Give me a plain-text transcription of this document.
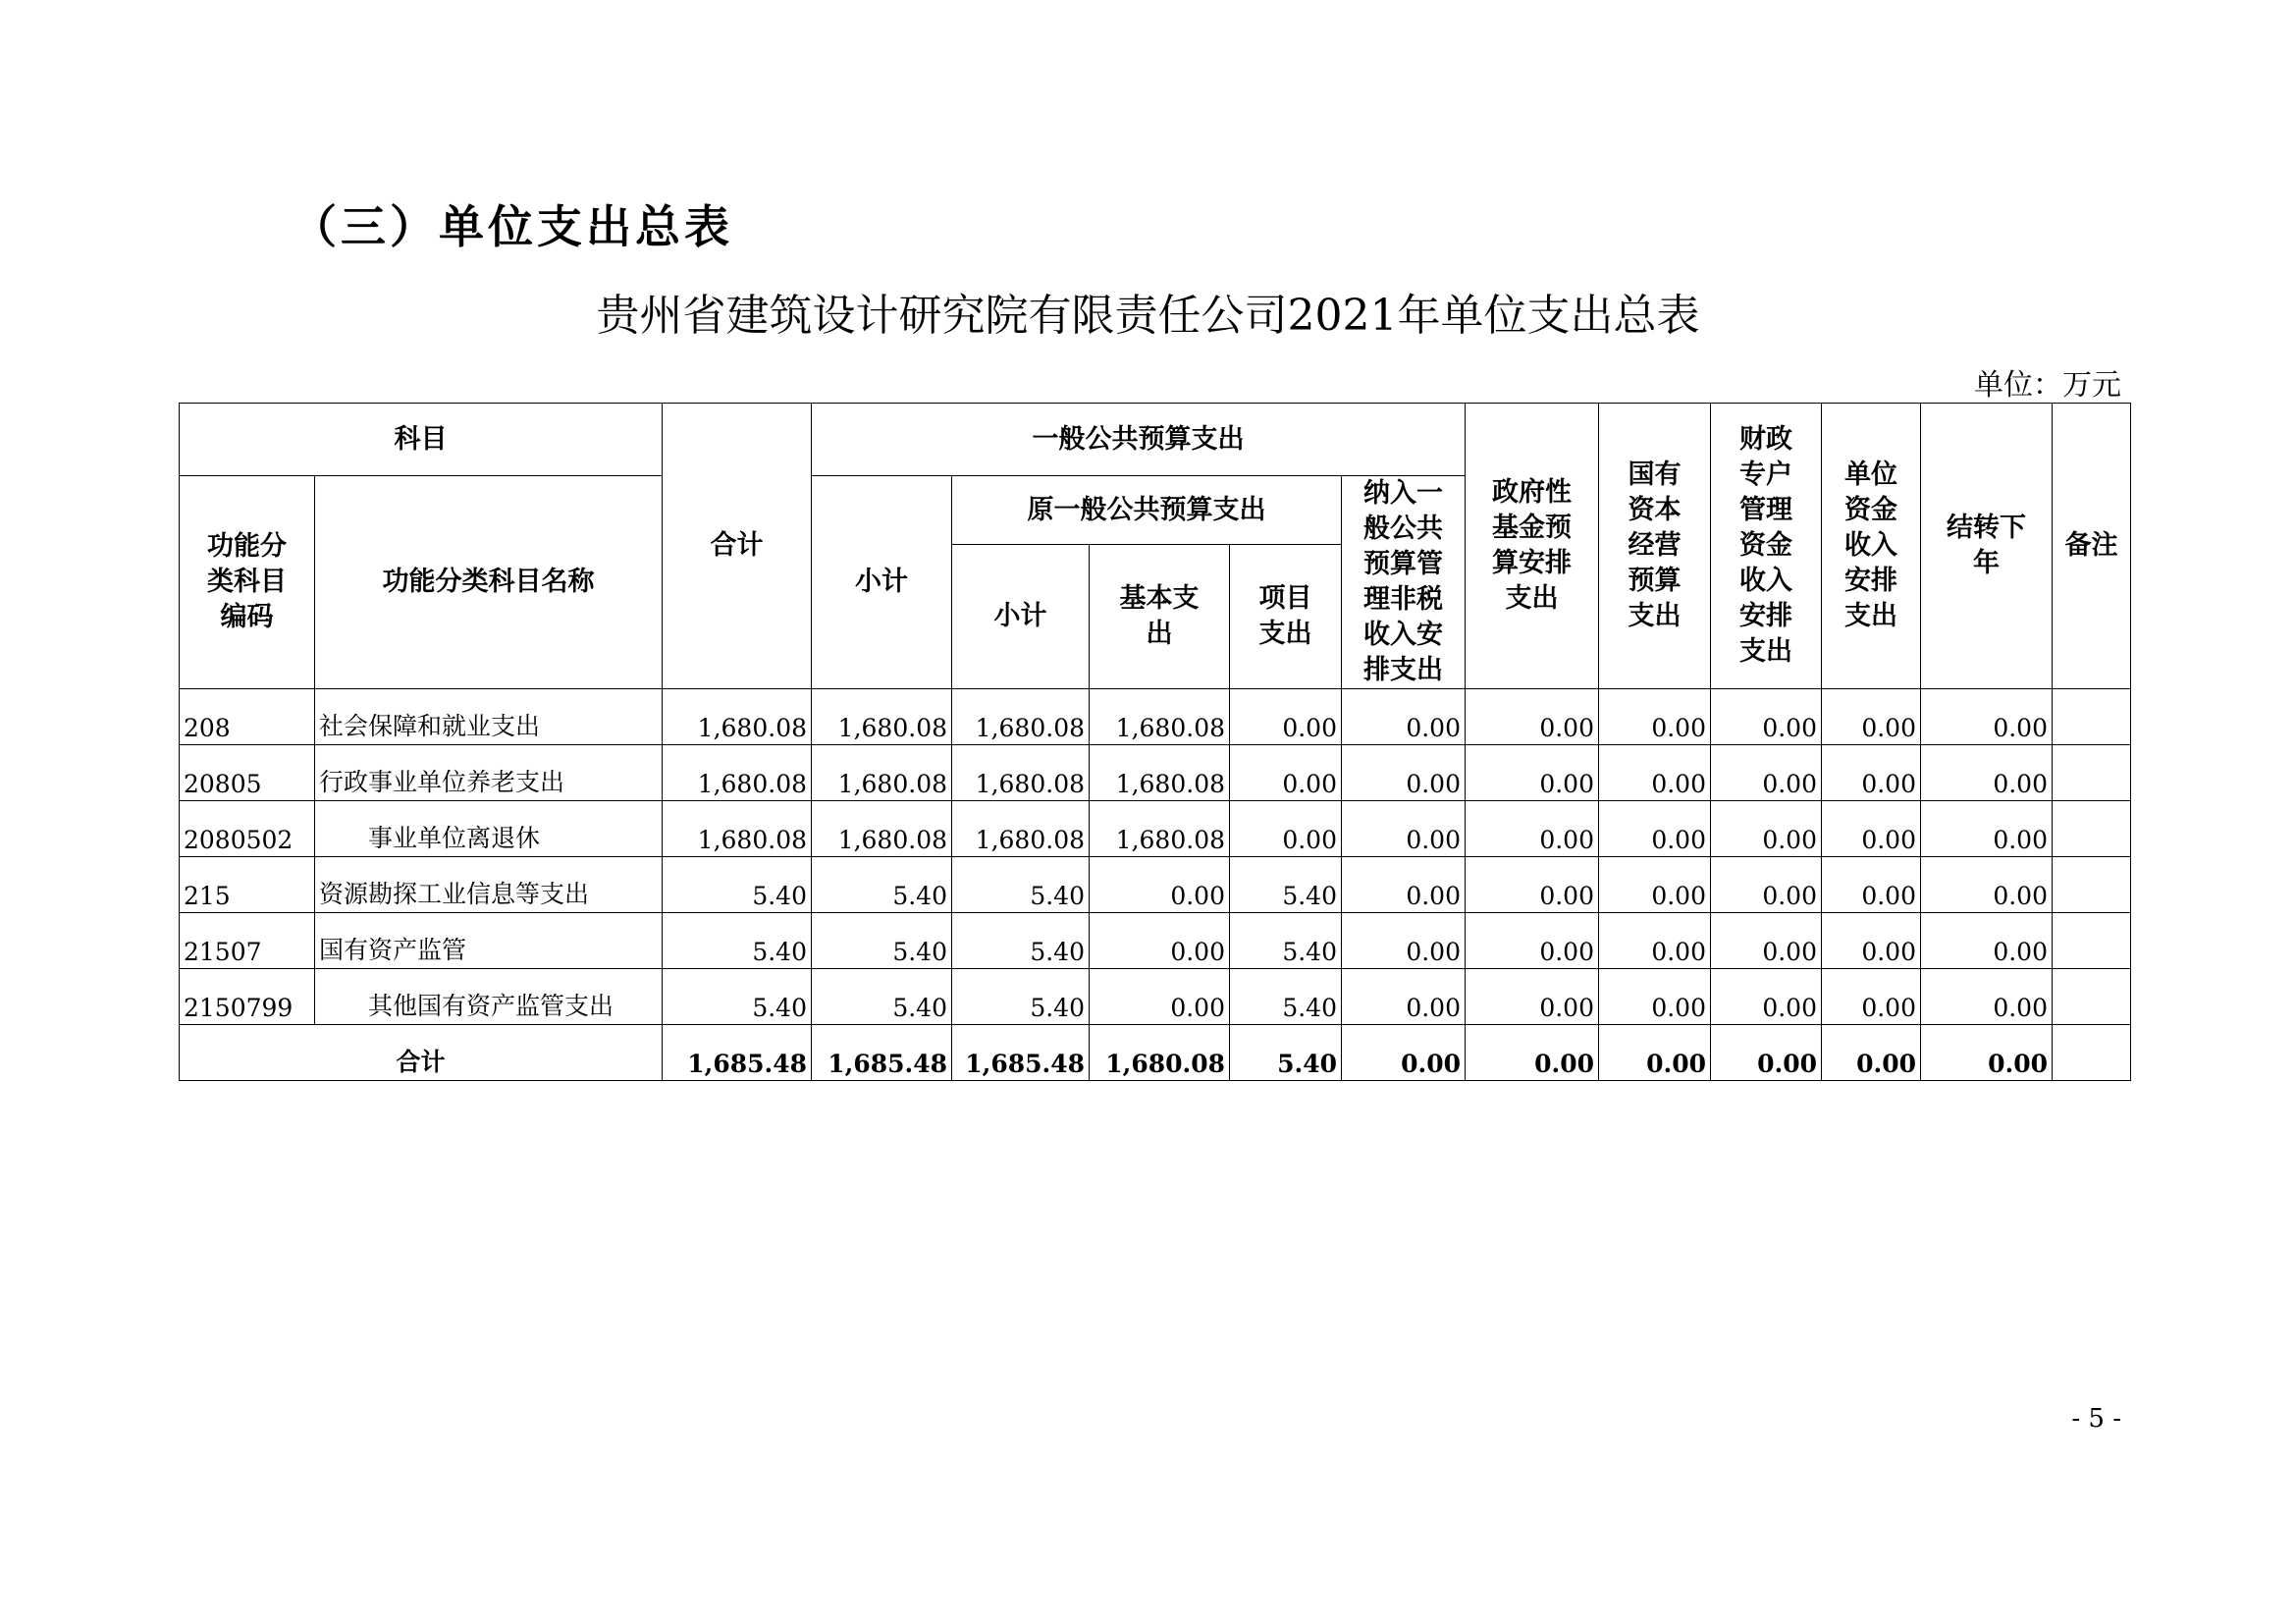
（三）单位支出总表
贵州省建筑设计研究院有限责任公司2021年单位支出总表
单位：万元
科目		合计	一般公共预算支出					政府性基金预算安排支出	国有资本经营预算支出	财政专户管理资金收入安排支出	单位资金收入安排支出	结转下年	备注
功能分类科目编码	功能分类科目名称		小计	原一般公共预算支出			纳入一般公共预算管理非税收入安排支出						
				小计	基本支出	项目支出							
208	社会保障和就业支出	1,680.08	1,680.08	1,680.08	1,680.08	0.00	0.00	0.00	0.00	0.00	0.00	0.00	
20805	行政事业单位养老支出	1,680.08	1,680.08	1,680.08	1,680.08	0.00	0.00	0.00	0.00	0.00	0.00	0.00	
2080502	事业单位离退休	1,680.08	1,680.08	1,680.08	1,680.08	0.00	0.00	0.00	0.00	0.00	0.00	0.00	
215	资源勘探工业信息等支出	5.40	5.40	5.40	0.00	5.40	0.00	0.00	0.00	0.00	0.00	0.00	
21507	国有资产监管	5.40	5.40	5.40	0.00	5.40	0.00	0.00	0.00	0.00	0.00	0.00	
2150799	其他国有资产监管支出	5.40	5.40	5.40	0.00	5.40	0.00	0.00	0.00	0.00	0.00	0.00	
合计		1,685.48	1,685.48	1,685.48	1,680.08	5.40	0.00	0.00	0.00	0.00	0.00	0.00	
- 5 -
